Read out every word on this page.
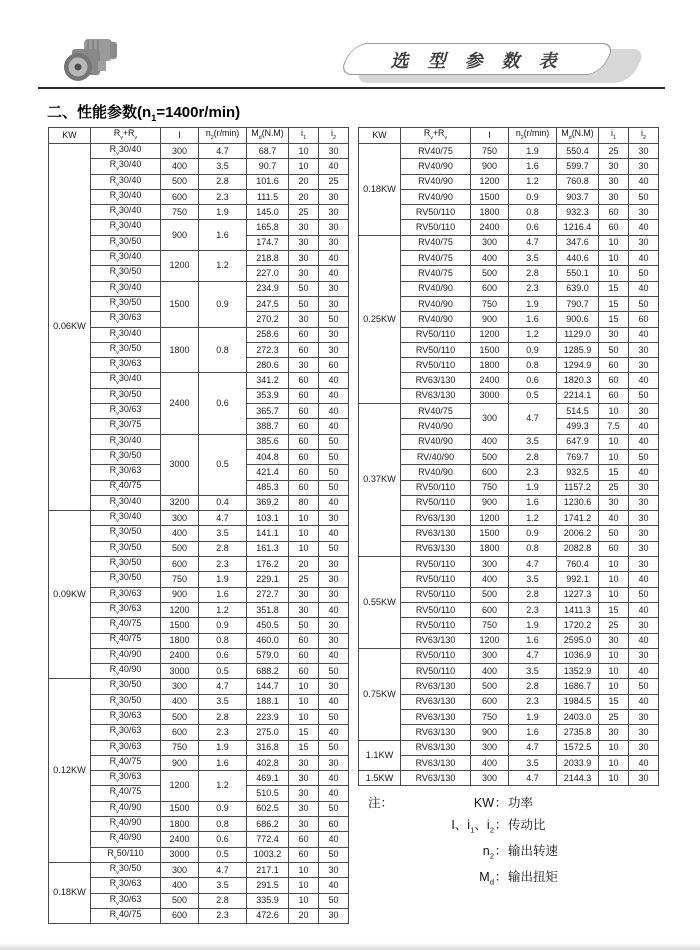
选 型 参 数 表
二、性能参数$(n_1=1400r/\min)$
KW	$R_v+R_v$	I	$n_2(r/\min)$	$M_d(N.M)$	$i_1$	$i_2$
0.06KW	$R_v30/40$	300	4.7	68.7	10	30
	$R_v30/40$	400	3.5	90.7	10	40
	$R_v30/40$	500	2.8	101.6	20	25
	$R_v30/40$	600	2.3	111.5	20	30
	$R_v30/40$	750	1.9	145.0	25	30
	$R_v30/40$	900	1.6	165.8	30	30
	$R_v30/50$			174.7	30	30
	$R_v30/40$	1200	1.2	218.8	30	40
	$R_v30/50$			227.0	30	40
	$R_v30/40$	1500	0.9	234.9	50	30
	$R_v30/50$			247.5	50	30
	$R_v30/63$			270.2	30	50
	$R_v30/40$	1800	0.8	258.6	60	30
	$R_v30/50$			272.3	60	30
	$R_v30/63$			280.6	30	60
	$R_v30/40$	2400	0.6	341.2	60	40
	$R_v30/50$			353.9	60	40
	$R_v30/63$			365.7	60	40
	$R_v30/75$			388.7	60	40
	$R_v30/40$	3000	0.5	385.6	60	50
	$R_v30/50$			404.8	60	50
	$R_v30/63$			421.4	60	50
	$R_v40/75$			485.3	60	50
	$R_v30/40$	3200	0.4	369.2	80	40
0.09KW	$R_v30/40$	300	4.7	103.1	10	30
	$R_v30/50$	400	3.5	141.1	10	40
	$R_v30/50$	500	2.8	161.3	10	50
	$R_v30/50$	600	2.3	176.2	20	30
	$R_v30/50$	750	1.9	229.1	25	30
	$R_v30/63$	900	1.6	272.7	30	30
	$R_v30/63$	1200	1.2	351.8	30	40
	$R_v40/75$	1500	0.9	450.5	50	30
	$R_v40/75$	1800	0.8	460.0	60	30
	$R_v40/90$	2400	0.6	579.0	60	40
	$R_v40/90$	3000	0.5	688.2	60	50
0.12KW	$R_v30/50$	300	4.7	144.7	10	30
	$R_v30/50$	400	3.5	188.1	10	40
	$R_v30/63$	500	2.8	223.9	10	50
	$R_v30/63$	600	2.3	275.0	15	40
	$R_v30/63$	750	1.9	316.8	15	50
	$R_v40/75$	900	1.6	402.8	30	30
	$R_v30/63$	1200	1.2	469.1	30	40
	$R_v40/75$			510.5	30	40
	$R_v40/90$	1500	0.9	602.5	30	50
	$R_v40/90$	1800	0.8	686.2	30	60
	$R_v40/90$	2400	0.6	772.4	60	40
	$R_v50/110$	3000	0.5	1003.2	60	50
0.18KW	$R_v30/50$	300	4.7	217.1	10	30
	$R_v30/63$	400	3.5	291.5	10	40
	$R_v30/63$	500	2.8	335.9	10	50
	$R_v40/75$	600	2.3	472.6	20	30
KW	$R_v+R_v$	I	$n_2(r/\min)$	$M_d(N.M)$	$i_1$	$i_2$
0.18KW	RV40/75	750	1.9	550.4	25	30
	RV40/90	900	1.6	599.7	30	30
	RV40/90	1200	1.2	760.8	30	40
	RV40/90	1500	0.9	903.7	30	50
	RV50/110	1800	0.8	932.3	60	30
	RV50/110	2400	0.6	1216.4	60	40
0.25KW	RV40/75	300	4.7	347.6	10	30
	RV40/75	400	3.5	440.6	10	40
	RV40/75	500	2.8	550.1	10	50
	RV40/90	600	2.3	639.0	15	40
	RV40/90	750	1.9	790.7	15	50
	RV40/90	900	1.6	900.6	15	60
	RV50/110	1200	1.2	1129.0	30	40
	RV50/110	1500	0.9	1285.9	50	30
	RV50/110	1800	0.8	1294.9	60	30
	RV63/130	2400	0.6	1820.3	60	40
	RV63/130	3000	0.5	2214.1	60	50
0.37KW	RV40/75	300	4.7	514.5	10	30
	RV40/90			499.3	7.5	40
	RV40/90	400	3.5	647.9	10	40
	RV/40/90	500	2.8	769.7	10	50
	RV40/90	600	2.3	932.5	15	40
	RV50/110	750	1.9	1157.2	25	30
	RV50/110	900	1.6	1230.6	30	30
	RV63/130	1200	1.2	1741.2	40	30
	RV63/130	1500	0.9	2006.2	50	30
	RV63/130	1800	0.8	2082.8	60	30
0.55KW	RV50/110	300	4.7	760.4	10	30
	RV50/110	400	3.5	992.1	10	40
	RV50/110	500	2.8	1227.3	10	50
	RV50/110	600	2.3	1411.3	15	40
	RV50/110	750	1.9	1720.2	25	30
	RV63/130	1200	1.6	2595.0	30	40
0.75KW	RV50/110	300	4.7	1036.9	10	30
	RV50/110	400	3.5	1352.9	10	40
	RV63/130	500	2.8	1686.7	10	50
	RV63/130	600	2.3	1984.5	15	40
	RV63/130	750	1.9	2403.0	25	30
	RV63/130	900	1.6	2735.8	30	30
1.1KW	RV63/130	300	4.7	1572.5	10	30
	RV63/130	400	3.5	2033.9	10	40
1.5KW	RV63/130	300	4.7	2144.3	10	30
注：	KW ： 功率
I、$i_1$、$i_2$ ： 传动比
$n_2$ ： 输出转速
$M_d$ ： 输出扭矩
